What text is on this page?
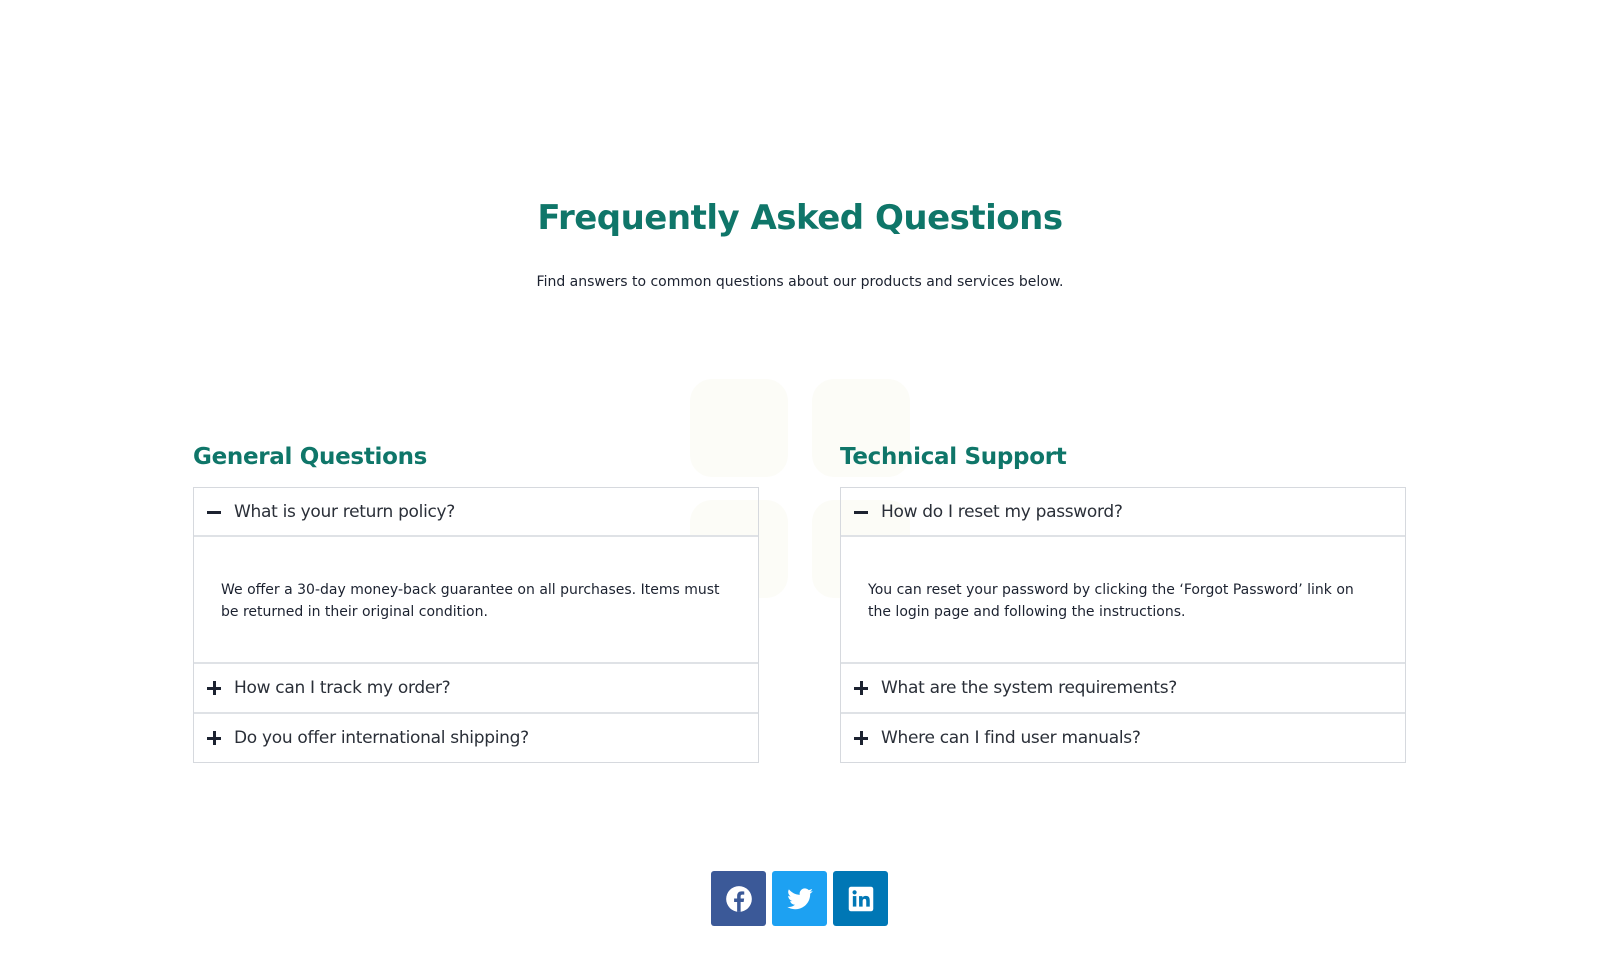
Frequently Asked Questions

Find answers to common questions about our products and services below.

General Questions
What is your return policy?

We offer a 30-day money-back guarantee on all purchases. Items must be returned in their original condition.

How can I track my order?
Do you offer international shipping?
Technical Support
How do I reset my password?

You can reset your password by clicking the ‘Forgot Password’ link on the login page and following the instructions.

What are the system requirements?
Where can I find user manuals?
